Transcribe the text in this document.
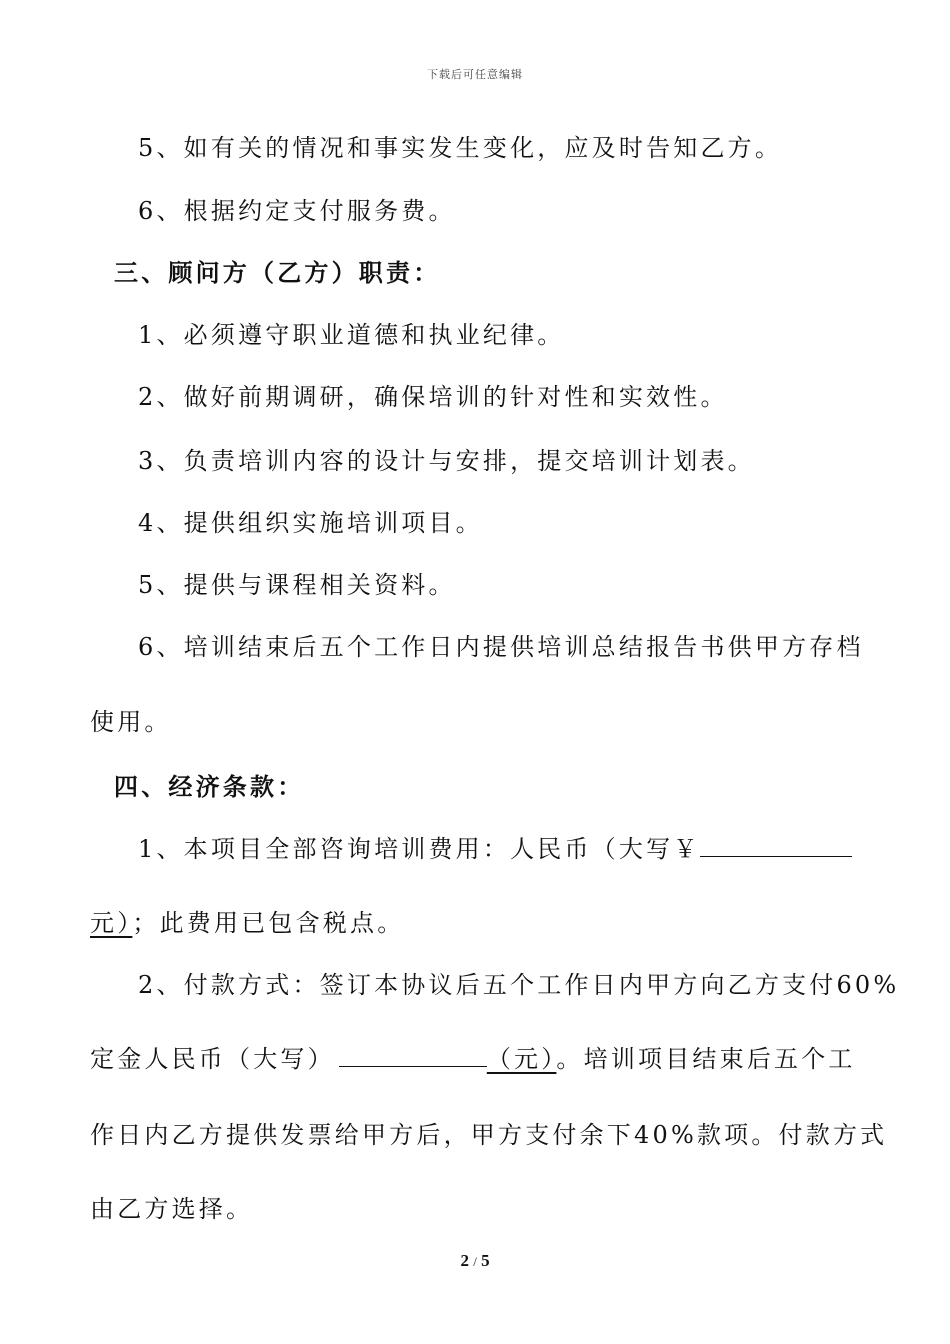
下载后可任意编辑
5、如有关的情况和事实发生变化，应及时告知乙方。
6、根据约定支付服务费。
三、顾问方（乙方）职责：
1、必须遵守职业道德和执业纪律。
2、做好前期调研，确保培训的针对性和实效性。
3、负责培训内容的设计与安排，提交培训计划表。
4、提供组织实施培训项目。
5、提供与课程相关资料。
6、培训结束后五个工作日内提供培训总结报告书供甲方存档
使用。
四、经济条款：
1、本项目全部咨询培训费用：人民币（大写￥
元）；此费用已包含税点。
2、付款方式：签订本协议后五个工作日内甲方向乙方支付60%
定金人民币（大写）	（元）。培训项目结束后五个工
作日内乙方提供发票给甲方后，甲方支付余下40%款项。付款方式
由乙方选择。
2 / 5
